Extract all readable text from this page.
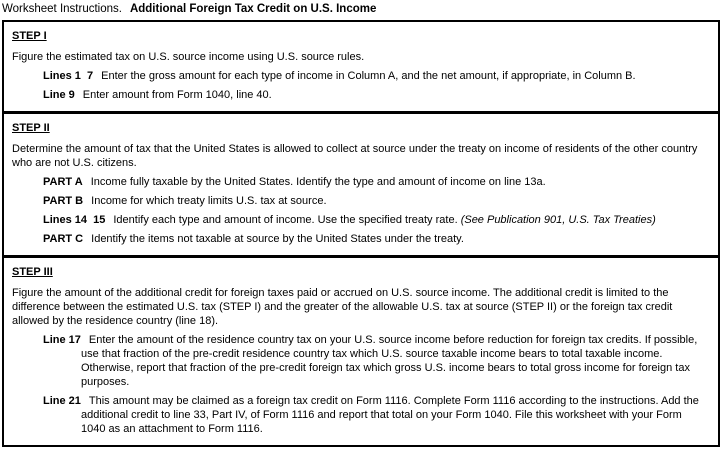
Worksheet Instructions. Additional Foreign Tax Credit on U.S. Income
STEP I

Figure the estimated tax on U.S. source income using U.S. source rules.

Lines 1  7 Enter the gross amount for each type of income in Column A, and the net amount, if appropriate, in Column B.
Line 9 Enter amount from Form 1040, line 40.
STEP II

Determine the amount of tax that the United States is allowed to collect at source under the treaty on income of residents of the other country who are not U.S. citizens.

PART A Income fully taxable by the United States. Identify the type and amount of income on line 13a.
PART B Income for which treaty limits U.S. tax at source.
Lines 14  15 Identify each type and amount of income. Use the specified treaty rate. (See Publication 901, U.S. Tax Treaties)
PART C Identify the items not taxable at source by the United States under the treaty.
STEP III

Figure the amount of the additional credit for foreign taxes paid or accrued on U.S. source income. The additional credit is limited to the difference between the estimated U.S. tax (STEP I) and the greater of the allowable U.S. tax at source (STEP II) or the foreign tax credit allowed by the residence country (line 18).

Line 17 Enter the amount of the residence country tax on your U.S. source income before reduction for foreign tax credits. If possible, use that fraction of the pre-credit residence country tax which U.S. source taxable income bears to total taxable income. Otherwise, report that fraction of the pre-credit foreign tax which gross U.S. income bears to total gross income for foreign tax purposes.
Line 21 This amount may be claimed as a foreign tax credit on Form 1116. Complete Form 1116 according to the instructions. Add the additional credit to line 33, Part IV, of Form 1116 and report that total on your Form 1040. File this worksheet with your Form 1040 as an attachment to Form 1116.
